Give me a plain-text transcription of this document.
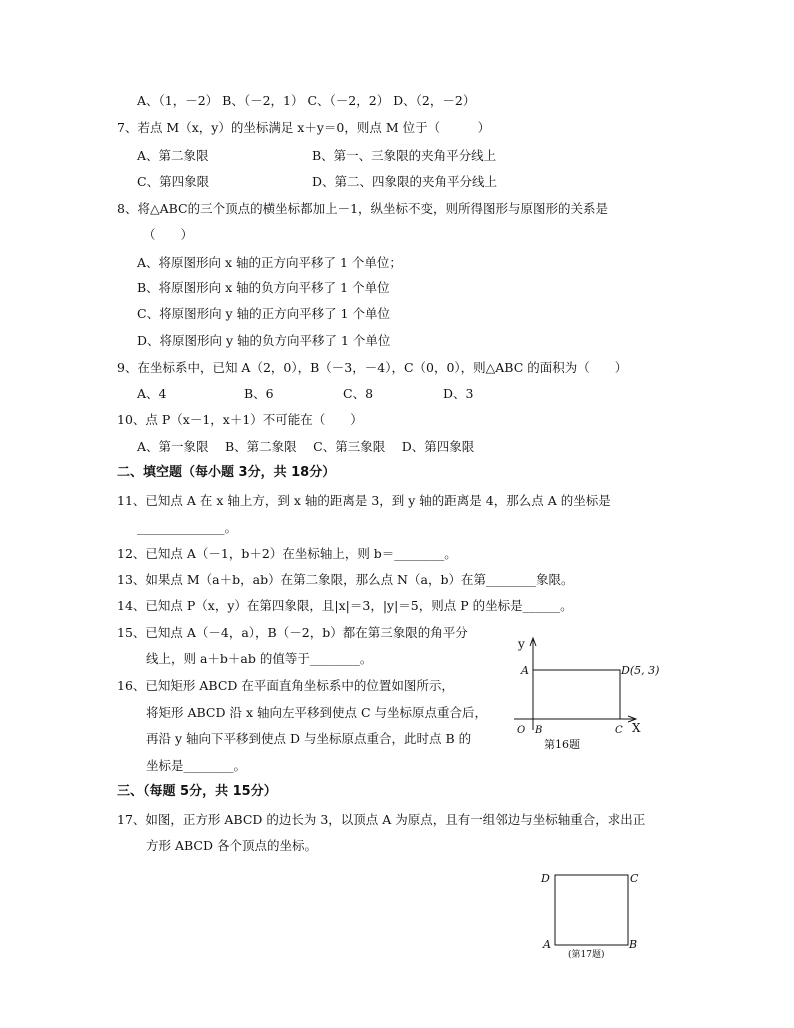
A、（1，－2） B、（－2，1） C、（－2，2） D、（2，－2）
7、若点 M（x，y）的坐标满足 x＋y＝0，则点 M 位于（　　　）
A、第二象限	B、第一、三象限的夹角平分线上
C、第四象限	D、第二、四象限的夹角平分线上
8、将△ABC的三个顶点的横坐标都加上－1，纵坐标不变，则所得图形与原图形的关系是
（　　）
A、将原图形向 x 轴的正方向平移了 1 个单位；
B、将原图形向 x 轴的负方向平移了 1 个单位
C、将原图形向 y 轴的正方向平移了 1 个单位
D、将原图形向 y 轴的负方向平移了 1 个单位
9、在坐标系中，已知 A（2，0），B（－3，－4），C（0，0），则△ABC 的面积为（　　）
A、4	B、6	C、8	D、3
10、点 P（x－1，x＋1）不可能在（　　）
A、第一象限　 B、第二象限　 C、第三象限　 D、第四象限
二、填空题（每小题 3分，共 18分）
11、已知点 A 在 x 轴上方，到 x 轴的距离是 3，到 y 轴的距离是 4，那么点 A 的坐标是
______________。
12、已知点 A（－1，b＋2）在坐标轴上，则 b＝________。
13、如果点 M（a＋b，ab）在第二象限，那么点 N（a，b）在第________象限。
14、已知点 P（x，y）在第四象限，且|x|＝3，|y|＝5，则点 P 的坐标是______。
15、已知点 A（－4，a），B（－2，b）都在第三象限的角平分
线上，则 a＋b＋ab 的值等于________。
16、已知矩形 ABCD 在平面直角坐标系中的位置如图所示，
将矩形 ABCD 沿 x 轴向左平移到使点 C 与坐标原点重合后，
再沿 y 轴向下平移到使点 D 与坐标原点重合，此时点 B 的
坐标是________。
三、（每题 5分，共 15分）
17、如图，正方形 ABCD 的边长为 3，以顶点 A 为原点，且有一组邻边与坐标轴重合，求出正
方形 ABCD 各个顶点的坐标。
y
X
A	D(5, 3)
O B	C
第16题
D	C
A	B
(第17题)
